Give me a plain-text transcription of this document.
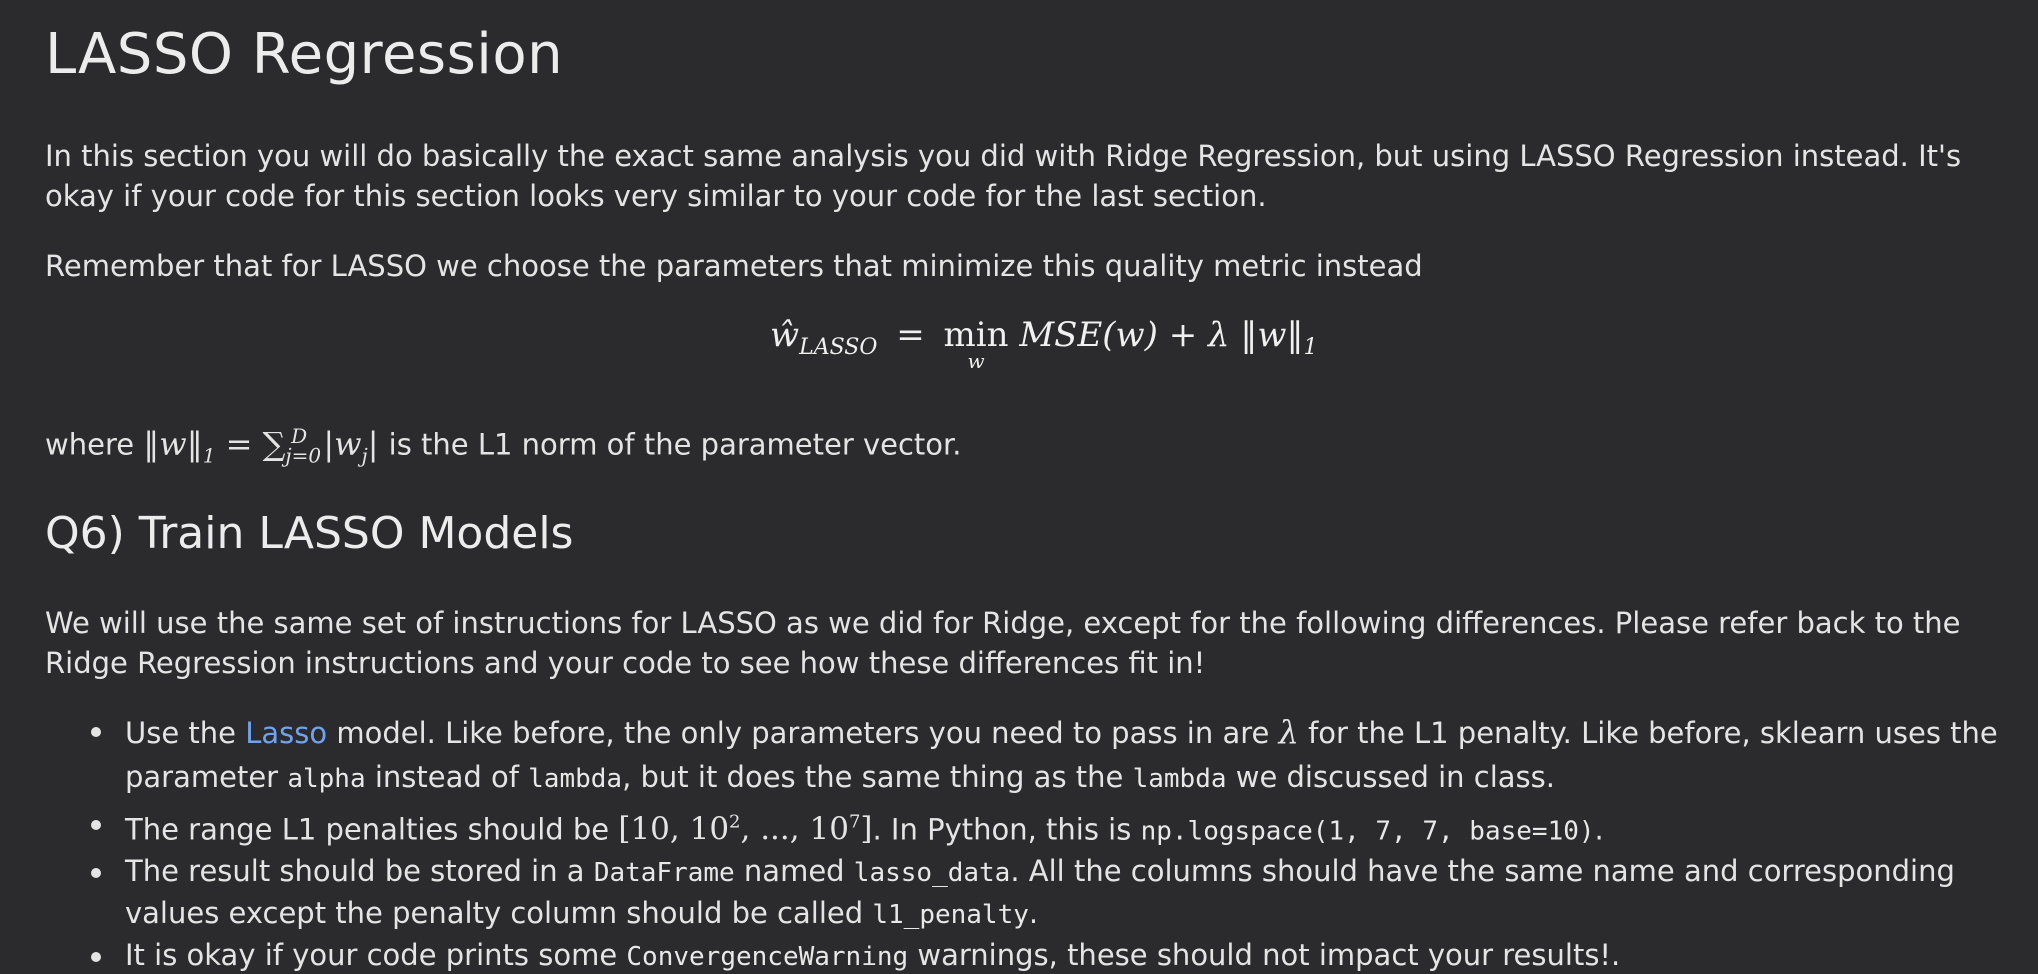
LASSO Regression

In this section you will do basically the exact same analysis you did with Ridge Regression, but using LASSO Regression instead. It's okay if your code for this section looks very similar to your code for the last section.

Remember that for LASSO we choose the parameters that minimize this quality metric instead

$ŵ_{LASSO} = \min$
w
MSE(w) + λ $‖w‖_1$

where $‖w‖_1 = \sum_{j=0}^D$ $|w_j|$ is the L1 norm of the parameter vector.

Q6) Train LASSO Models

We will use the same set of instructions for LASSO as we did for Ridge, except for the following differences. Please refer back to the Ridge Regression instructions and your code to see how these differences fit in!

Use the Lasso model. Like before, the only parameters you need to pass in are λ for the L1 penalty. Like before, sklearn uses the parameter alpha instead of lambda, but it does the same thing as the lambda we discussed in class.
The range L1 penalties should be [10, $10^2$, ..., $10^7$]. In Python, this is np.logspace(1, 7, 7, base=10).
The result should be stored in a DataFrame named lasso_data. All the columns should have the same name and corresponding values except the penalty column should be called l1_penalty.
It is okay if your code prints some ConvergenceWarning warnings, these should not impact your results!.
